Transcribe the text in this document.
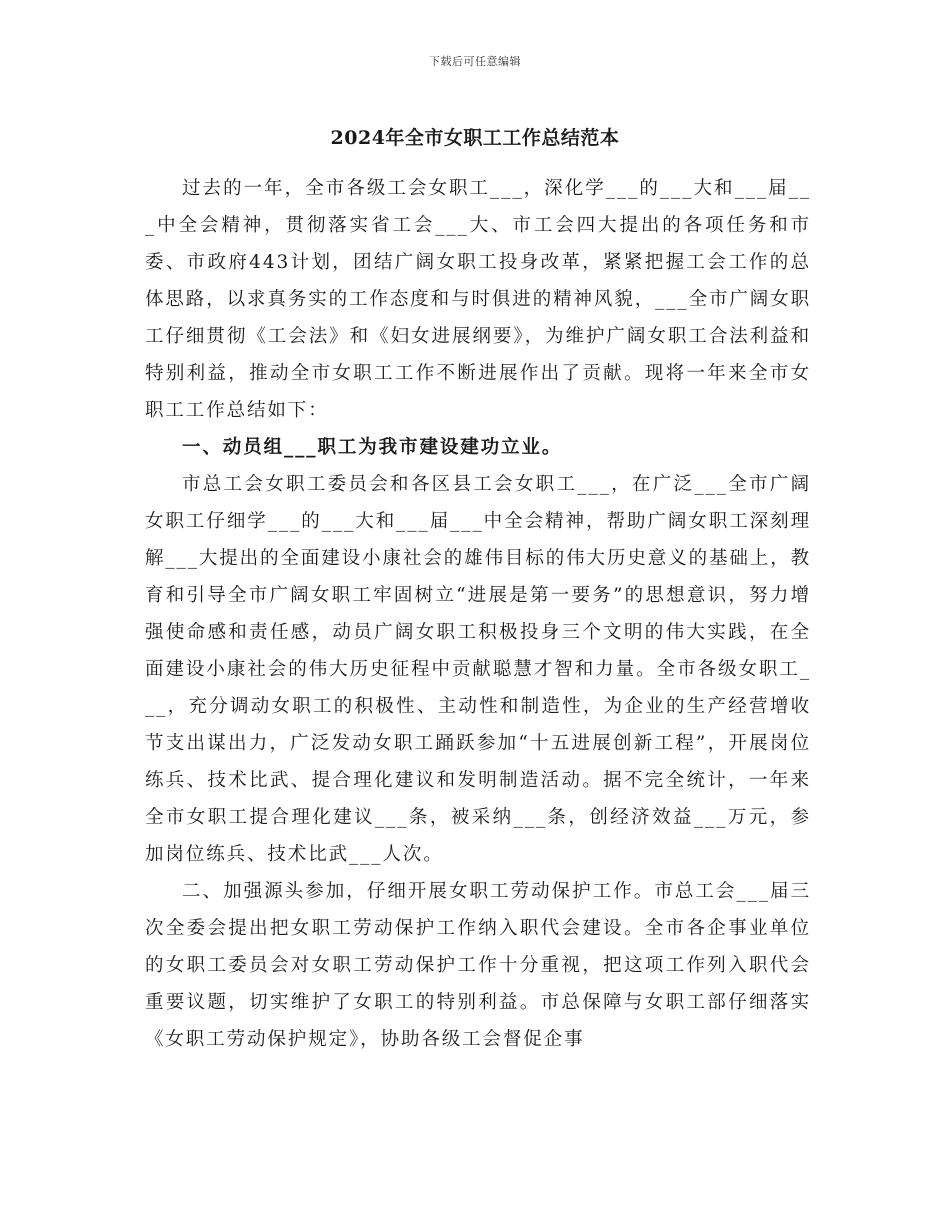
下载后可任意编辑
2024年全市女职工工作总结范本

过去的一年，全市各级工会女职工___，深化学___的___大和___届___中全会精神，贯彻落实省工会___大、市工会四大提出的各项任务和市委、市政府443计划，团结广阔女职工投身改革，紧紧把握工会工作的总体思路，以求真务实的工作态度和与时俱进的精神风貌，___全市广阔女职工仔细贯彻《工会法》和《妇女进展纲要》，为维护广阔女职工合法利益和特别利益，推动全市女职工工作不断进展作出了贡献。现将一年来全市女职工工作总结如下：

一、动员组___职工为我市建设建功立业。

市总工会女职工委员会和各区县工会女职工___，在广泛___全市广阔女职工仔细学___的___大和___届___中全会精神，帮助广阔女职工深刻理解___大提出的全面建设小康社会的雄伟目标的伟大历史意义的基础上，教育和引导全市广阔女职工牢固树立“进展是第一要务”的思想意识，努力增强使命感和责任感，动员广阔女职工积极投身三个文明的伟大实践，在全面建设小康社会的伟大历史征程中贡献聪慧才智和力量。全市各级女职工___，充分调动女职工的积极性、主动性和制造性，为企业的生产经营增收节支出谋出力，广泛发动女职工踊跃参加“十五进展创新工程”，开展岗位练兵、技术比武、提合理化建议和发明制造活动。据不完全统计，一年来全市女职工提合理化建议___条，被采纳___条，创经济效益___万元，参加岗位练兵、技术比武___人次。

二、加强源头参加，仔细开展女职工劳动保护工作。市总工会___届三次全委会提出把女职工劳动保护工作纳入职代会建设。全市各企事业单位的女职工委员会对女职工劳动保护工作十分重视，把这项工作列入职代会重要议题，切实维护了女职工的特别利益。市总保障与女职工部仔细落实《女职工劳动保护规定》，协助各级工会督促企事
